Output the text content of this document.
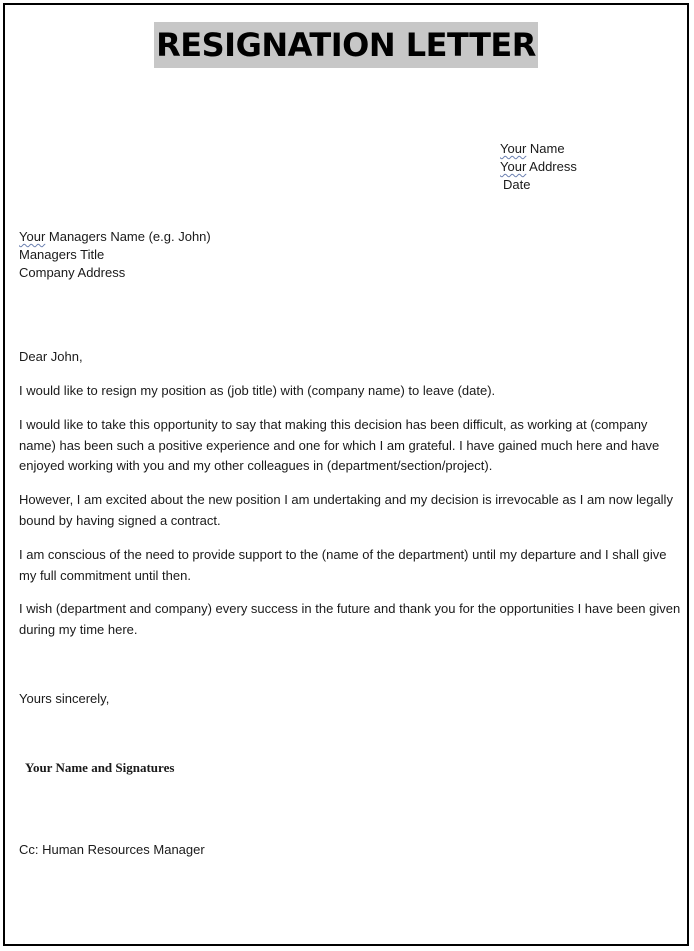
RESIGNATION LETTER
Your Name
Your Address
Date
Your Managers Name (e.g. John)
Managers Title
Company Address
Dear John,
I would like to resign my position as (job title) with (company name) to leave (date).
I would like to take this opportunity to say that making this decision has been difficult, as working at (company name) has been such a positive experience and one for which I am grateful. I have gained much here and have enjoyed working with you and my other colleagues in (department/section/project).
However, I am excited about the new position I am undertaking and my decision is irrevocable as I am now legally bound by having signed a contract.
I am conscious of the need to provide support to the (name of the department) until my departure and I shall give my full commitment until then.
I wish (department and company) every success in the future and thank you for the opportunities I have been given during my time here.
Yours sincerely,
Your Name and Signatures
Cc: Human Resources Manager
